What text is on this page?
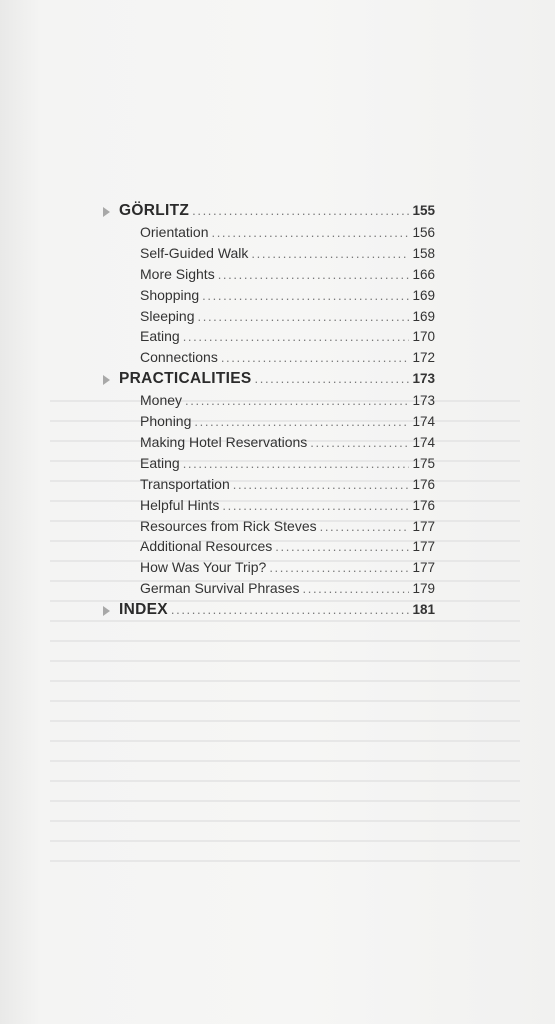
GÖRLITZ . . .	155
Orientation . . .	156
Self-Guided Walk . . .	158
More Sights . . .	166
Shopping . . .	169
Sleeping . . .	169
Eating . . .	170
Connections . . .	172
PRACTICALITIES . . .	173
Money . . .	173
Phoning . . .	174
Making Hotel Reservations . . .	174
Eating . . .	175
Transportation . . .	176
Helpful Hints . . .	176
Resources from Rick Steves . . .	177
Additional Resources . . .	177
How Was Your Trip? . . .	177
German Survival Phrases . . .	179
INDEX . . .	181
